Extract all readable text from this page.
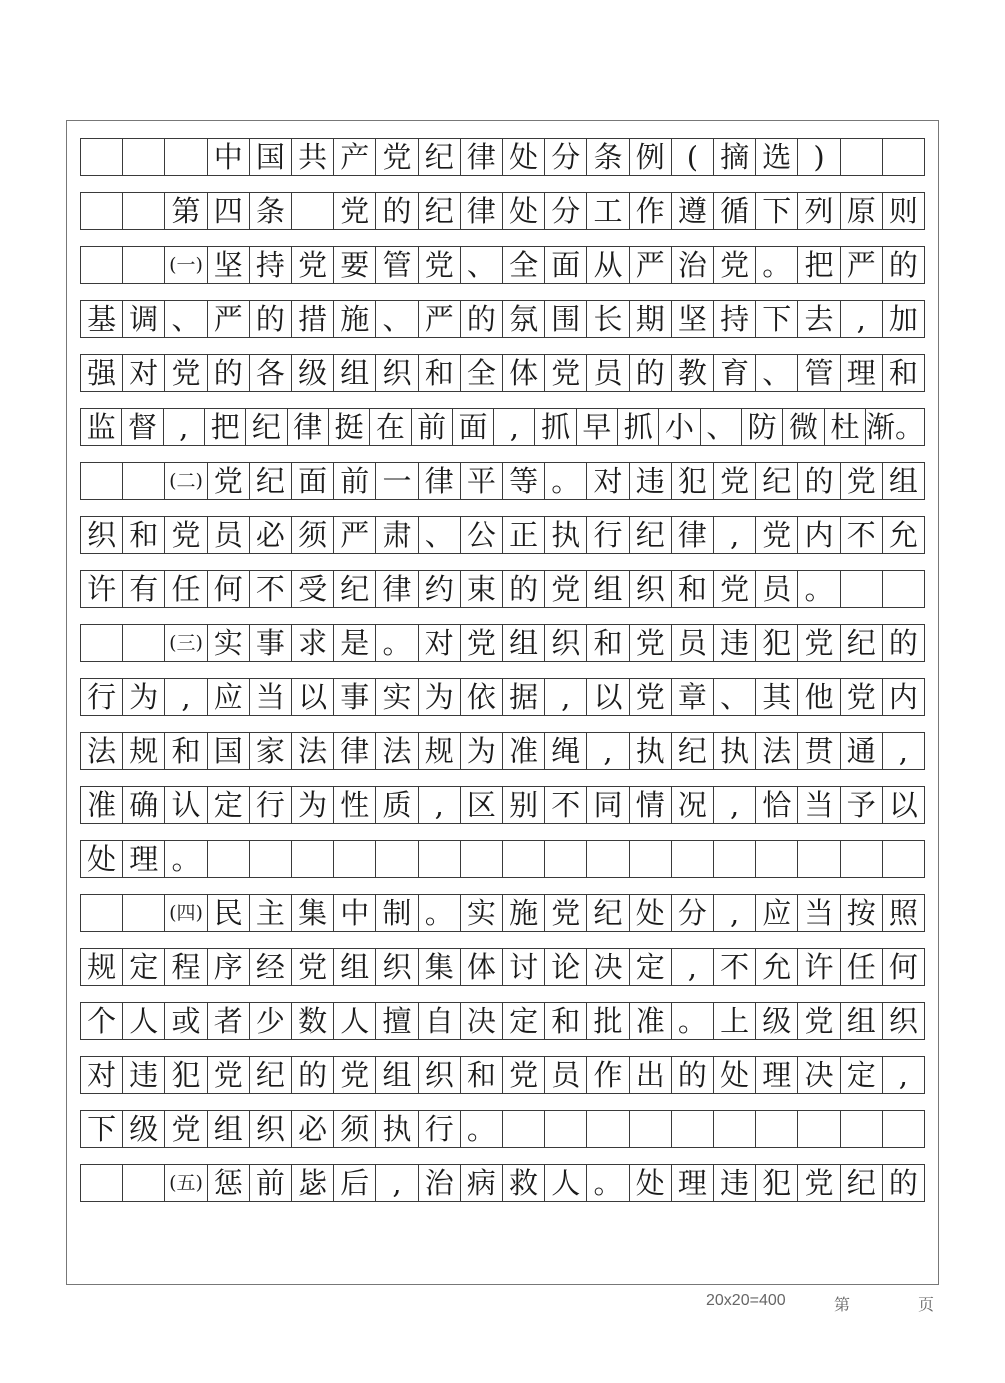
中 国 共 产 党 纪 律 处 分 条 例 ( 摘 选 )
第 四 条 党 的 纪 律 处 分 工 作 遵 循 下 列 原 则
(一) 坚 持 党 要 管 党 、 全 面 从 严 治 党 。 把 严 的
基 调 、 严 的 措 施 、 严 的 氛 围 长 期 坚 持 下 去 , 加
强 对 党 的 各 级 组 织 和 全 体 党 员 的 教 育 、 管 理 和
监 督 , 把 纪 律 挺 在 前 面 , 抓 早 抓 小 、 防 微 杜 渐。
(二) 党 纪 面 前 一 律 平 等 。 对 违 犯 党 纪 的 党 组
织 和 党 员 必 须 严 肃 、 公 正 执 行 纪 律 , 党 内 不 允
许 有 任 何 不 受 纪 律 约 束 的 党 组 织 和 党 员 。
(三) 实 事 求 是 。 对 党 组 织 和 党 员 违 犯 党 纪 的
行 为 , 应 当 以 事 实 为 依 据 , 以 党 章 、 其 他 党 内
法 规 和 国 家 法 律 法 规 为 准 绳 , 执 纪 执 法 贯 通 ,
准 确 认 定 行 为 性 质 , 区 别 不 同 情 况 , 恰 当 予 以
处 理 。
(四) 民 主 集 中 制 。 实 施 党 纪 处 分 , 应 当 按 照
规 定 程 序 经 党 组 织 集 体 讨 论 决 定 , 不 允 许 任 何
个 人 或 者 少 数 人 擅 自 决 定 和 批 准 。 上 级 党 组 织
对 违 犯 党 纪 的 党 组 织 和 党 员 作 出 的 处 理 决 定 ,
下 级 党 组 织 必 须 执 行 。
(五) 惩 前 毖 后 , 治 病 救 人 。 处 理 违 犯 党 纪 的
20x20=400	第	页
